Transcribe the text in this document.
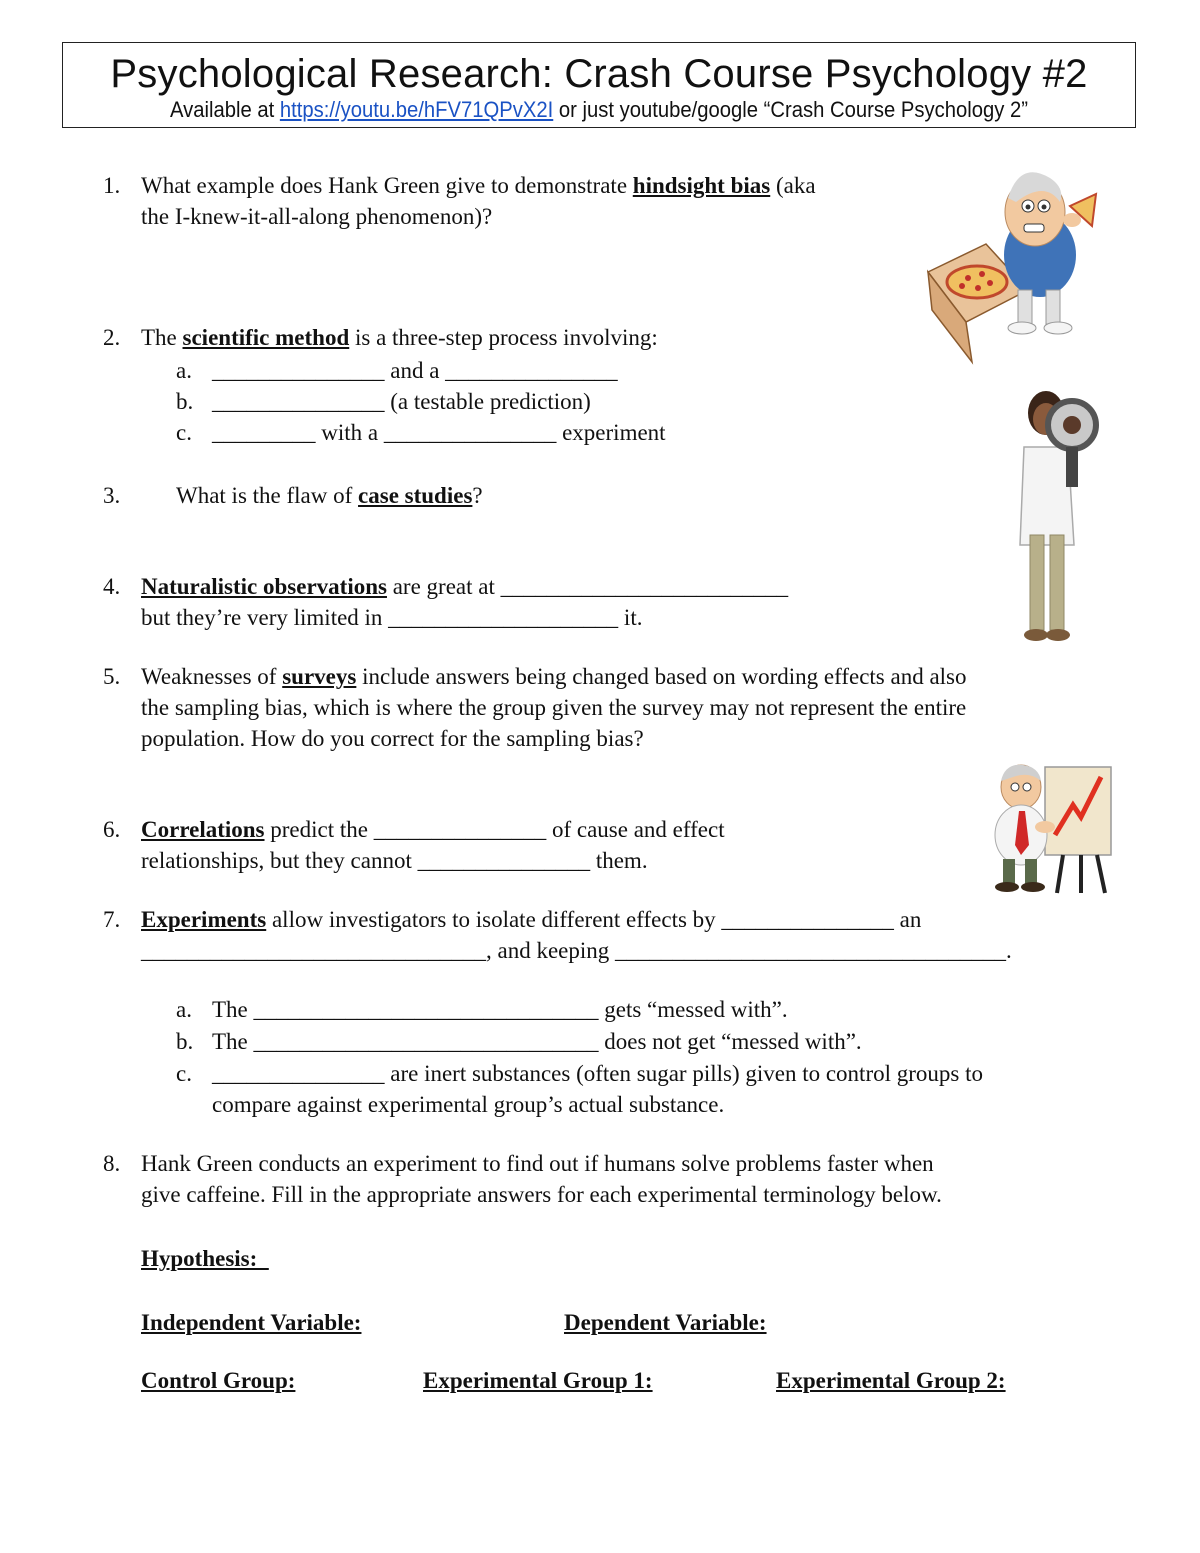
Psychological Research: Crash Course Psychology #2
Available at https://youtu.be/hFV71QPvX2I or just youtube/google “Crash Course Psychology 2”
1. What example does Hank Green give to demonstrate hindsight bias (aka
the I-knew-it-all-along phenomenon)?
2. The scientific method is a three-step process involving:
a. _______________ and a _______________
b. _______________ (a testable prediction)
c. _________ with a _______________ experiment
3. What is the flaw of case studies?
4. Naturalistic observations are great at _________________________
but they’re very limited in ____________________ it.
5. Weaknesses of surveys include answers being changed based on wording effects and also
the sampling bias, which is where the group given the survey may not represent the entire
population. How do you correct for the sampling bias?
6. Correlations predict the _______________ of cause and effect
relationships, but they cannot _______________ them.
7. Experiments allow investigators to isolate different effects by _______________ an
______________________________, and keeping __________________________________.
a. The ______________________________ gets “messed with”.
b. The ______________________________ does not get “messed with”.
c. _______________ are inert substances (often sugar pills) given to control groups to
compare against experimental group’s actual substance.
8. Hank Green conducts an experiment to find out if humans solve problems faster when
give caffeine. Fill in the appropriate answers for each experimental terminology below.
Hypothesis:
Independent Variable:	Dependent Variable:
Control Group:	Experimental Group 1:	Experimental Group 2:
